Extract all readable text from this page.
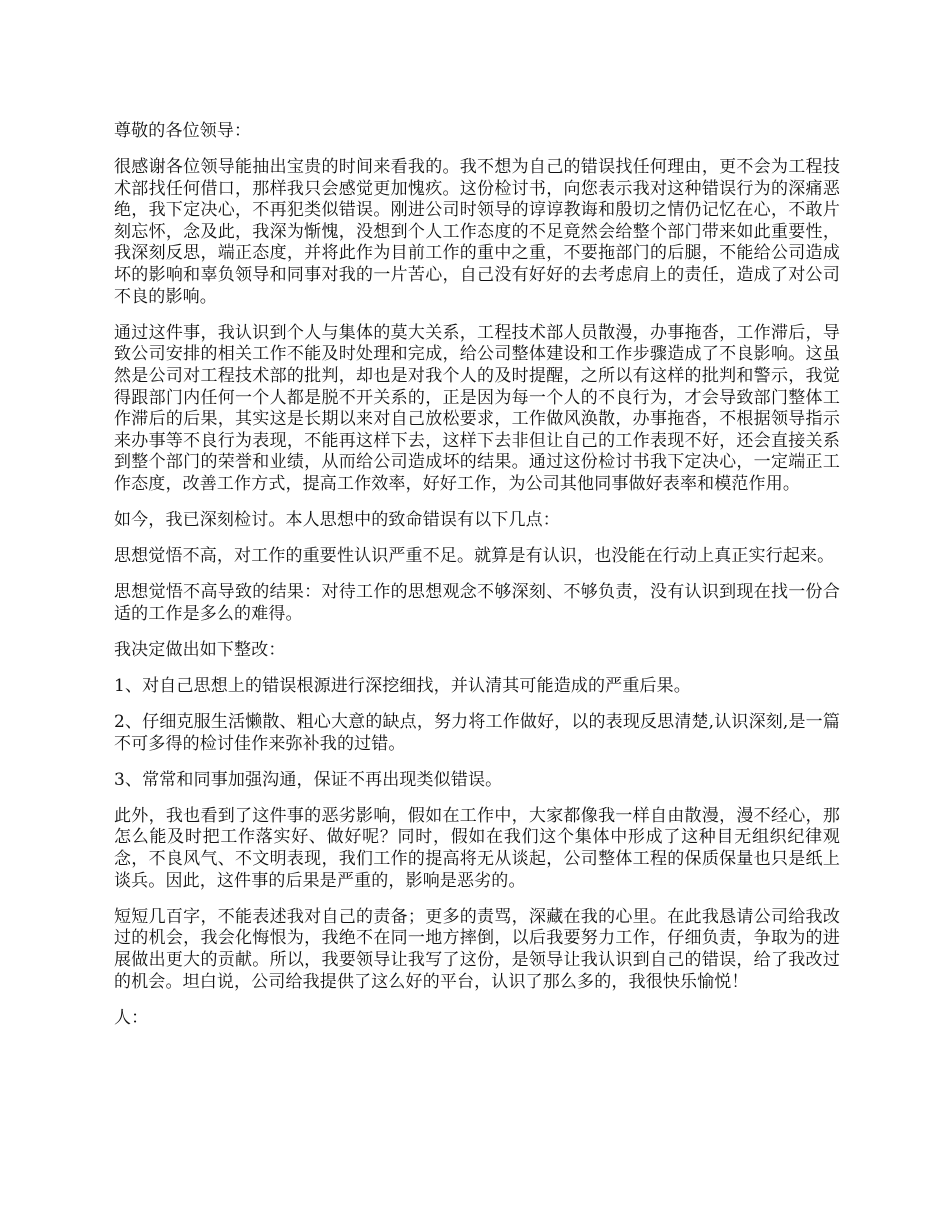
尊敬的各位领导：

很感谢各位领导能抽出宝贵的时间来看我的。我不想为自己的错误找任何理由，更不会为工程技术部找任何借口，那样我只会感觉更加愧疚。这份检讨书，向您表示我对这种错误行为的深痛恶绝，我下定决心，不再犯类似错误。刚进公司时领导的谆谆教诲和殷切之情仍记忆在心，不敢片刻忘怀，念及此，我深为惭愧，没想到个人工作态度的不足竟然会给整个部门带来如此重要性，我深刻反思，端正态度，并将此作为目前工作的重中之重，不要拖部门的后腿，不能给公司造成坏的影响和辜负领导和同事对我的一片苦心，自己没有好好的去考虑肩上的责任，造成了对公司不良的影响。

通过这件事，我认识到个人与集体的莫大关系，工程技术部人员散漫，办事拖沓，工作滞后，导致公司安排的相关工作不能及时处理和完成，给公司整体建设和工作步骤造成了不良影响。这虽然是公司对工程技术部的批判，却也是对我个人的及时提醒，之所以有这样的批判和警示，我觉得跟部门内任何一个人都是脱不开关系的，正是因为每一个人的不良行为，才会导致部门整体工作滞后的后果，其实这是长期以来对自己放松要求，工作做风涣散，办事拖沓，不根据领导指示来办事等不良行为表现，不能再这样下去，这样下去非但让自己的工作表现不好，还会直接关系到整个部门的荣誉和业绩，从而给公司造成坏的结果。通过这份检讨书我下定决心，一定端正工作态度，改善工作方式，提高工作效率，好好工作，为公司其他同事做好表率和模范作用。

如今，我已深刻检讨。本人思想中的致命错误有以下几点：

思想觉悟不高，对工作的重要性认识严重不足。就算是有认识，也没能在行动上真正实行起来。

思想觉悟不高导致的结果：对待工作的思想观念不够深刻、不够负责，没有认识到现在找一份合适的工作是多么的难得。

我决定做出如下整改：

1、对自己思想上的错误根源进行深挖细找，并认清其可能造成的严重后果。

2、仔细克服生活懒散、粗心大意的缺点，努力将工作做好，以的表现反思清楚,认识深刻,是一篇不可多得的检讨佳作来弥补我的过错。

3、常常和同事加强沟通，保证不再出现类似错误。

此外，我也看到了这件事的恶劣影响，假如在工作中，大家都像我一样自由散漫，漫不经心，那怎么能及时把工作落实好、做好呢？同时，假如在我们这个集体中形成了这种目无组织纪律观念，不良风气、不文明表现，我们工作的提高将无从谈起，公司整体工程的保质保量也只是纸上谈兵。因此，这件事的后果是严重的，影响是恶劣的。

短短几百字，不能表述我对自己的责备；更多的责骂，深藏在我的心里。在此我恳请公司给我改过的机会，我会化悔恨为，我绝不在同一地方摔倒，以后我要努力工作，仔细负责，争取为的进展做出更大的贡献。所以，我要领导让我写了这份，是领导让我认识到自己的错误，给了我改过的机会。坦白说，公司给我提供了这么好的平台，认识了那么多的，我很快乐愉悦！

人：
